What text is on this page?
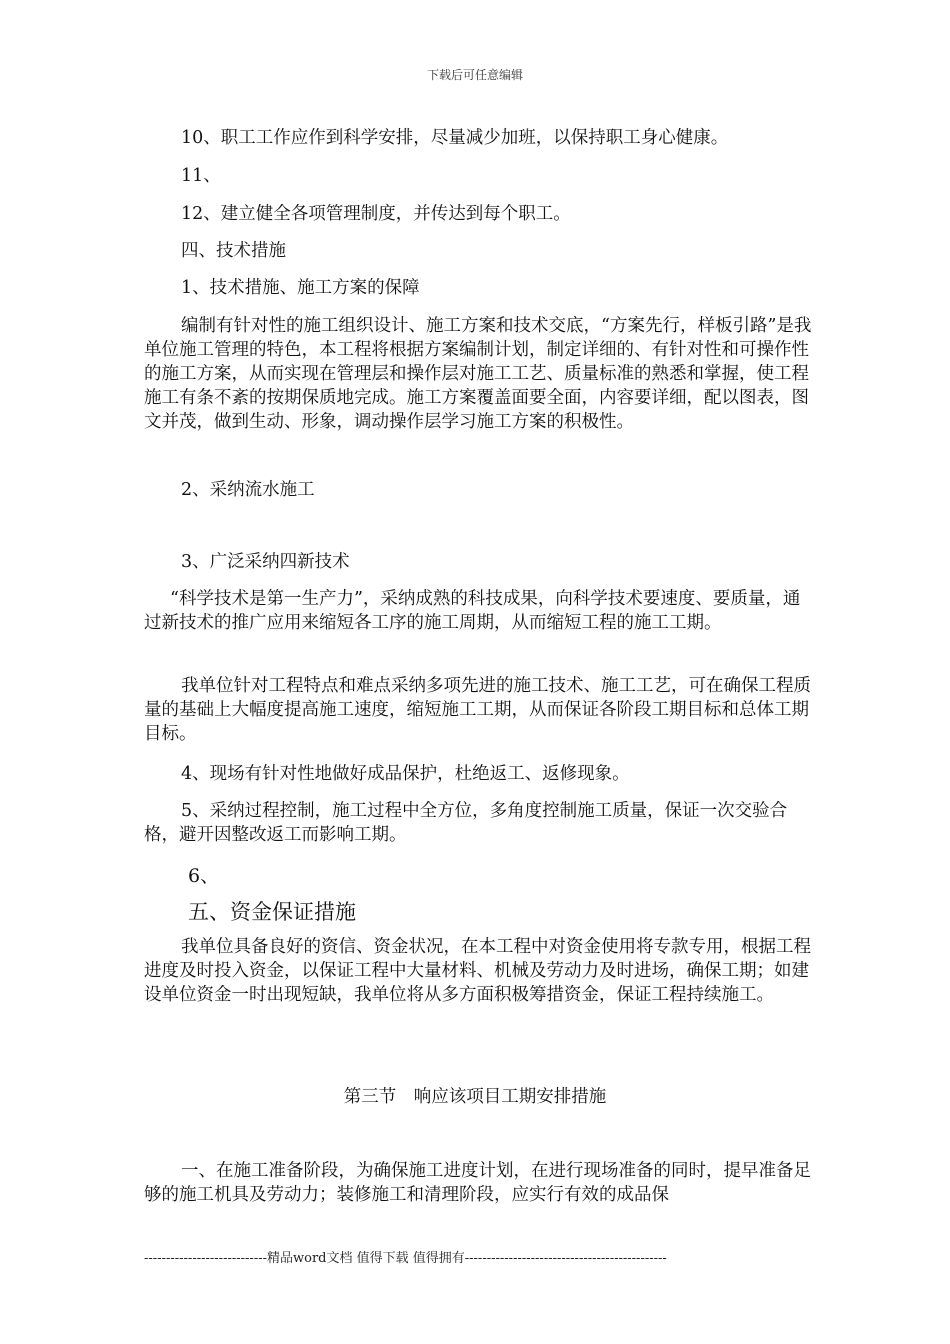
下载后可任意编辑

10、职工工作应作到科学安排，尽量减少加班，以保持职工身心健康。

11、

12、建立健全各项管理制度，并传达到每个职工。

四、技术措施

1、技术措施、施工方案的保障

编制有针对性的施工组织设计、施工方案和技术交底，“方案先行，样板引路”是我单位施工管理的特色，本工程将根据方案编制计划，制定详细的、有针对性和可操作性的施工方案，从而实现在管理层和操作层对施工工艺、质量标准的熟悉和掌握，使工程施工有条不紊的按期保质地完成。施工方案覆盖面要全面，内容要详细，配以图表，图文并茂，做到生动、形象，调动操作层学习施工方案的积极性。

2、采纳流水施工

3、广泛采纳四新技术

“科学技术是第一生产力”，采纳成熟的科技成果，向科学技术要速度、要质量，通过新技术的推广应用来缩短各工序的施工周期，从而缩短工程的施工工期。

我单位针对工程特点和难点采纳多项先进的施工技术、施工工艺，可在确保工程质量的基础上大幅度提高施工速度，缩短施工工期，从而保证各阶段工期目标和总体工期目标。

4、现场有针对性地做好成品保护，杜绝返工、返修现象。

5、采纳过程控制，施工过程中全方位，多角度控制施工质量，保证一次交验合格，避开因整改返工而影响工期。

6、

五、资金保证措施

我单位具备良好的资信、资金状况，在本工程中对资金使用将专款专用，根据工程进度及时投入资金，以保证工程中大量材料、机械及劳动力及时进场，确保工期；如建设单位资金一时出现短缺，我单位将从多方面积极筹措资金，保证工程持续施工。

第三节　响应该项目工期安排措施

一、在施工准备阶段，为确保施工进度计划，在进行现场准备的同时，提早准备足够的施工机具及劳动力；装修施工和清理阶段，应实行有效的成品保

----------------------------精品word文档 值得下载 值得拥有----------------------------------------------
